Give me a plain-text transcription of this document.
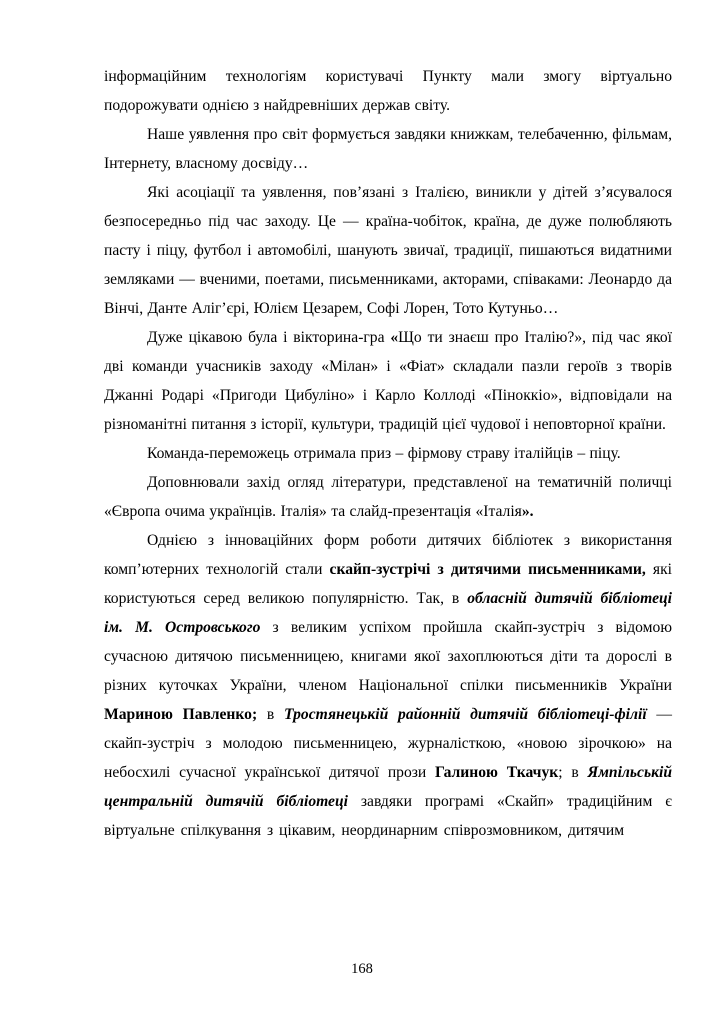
інформаційним технологіям користувачі Пункту мали змогу віртуально подорожувати однією з найдревніших держав світу.

Наше уявлення про світ формується завдяки книжкам, телебаченню, фільмам, Інтернету, власному досвіду…

Які асоціації та уявлення, пов’язані з Італією, виникли у дітей з’ясувалося безпосередньо під час заходу. Це — країна-чобіток, країна, де дуже полюбляють пасту і піцу, футбол і автомобілі, шанують звичаї, традиції, пишаються видатними земляками — вченими, поетами, письменниками, акторами, співаками: Леонардо да Вінчі, Данте Аліг’єрі, Юлієм Цезарем, Софі Лорен, Тото Кутуньо…

Дуже цікавою була і вікторина-гра «Що ти знаєш про Італію?», під час якої дві команди учасників заходу «Мілан» і «Фіат» складали пазли героїв з творів Джанні Родарі «Пригоди Цибуліно» і Карло Коллоді «Піноккіо», відповідали на різноманітні питання з історії, культури, традицій цієї чудової і неповторної країни.

Команда-переможець отримала приз – фірмову страву італійців – піцу.

Доповнювали захід огляд літератури, представленої на тематичній поличці «Європа очима українців. Італія» та слайд-презентація «Італія».

Однією з інноваційних форм роботи дитячих бібліотек з використання комп’ютерних технологій стали скайп-зустрічі з дитячими письменниками, які користуються серед великою популярністю. Так, в обласній дитячій бібліотеці ім. М. Островського з великим успіхом пройшла скайп-зустріч з відомою сучасною дитячою письменницею, книгами якої захоплюються діти та дорослі в різних куточках України, членом Національної спілки письменників України Мариною Павленко; в Тростянецькій районній дитячій бібліотеці-філії — скайп-зустріч з молодою письменницею, журналісткою, «новою зірочкою» на небосхилі сучасної української дитячої прози Галиною Ткачук; в Ямпільській центральній дитячій бібліотеці завдяки програмі «Скайп» традиційним є віртуальне спілкування з цікавим, неординарним співрозмовником, дитячим

168
